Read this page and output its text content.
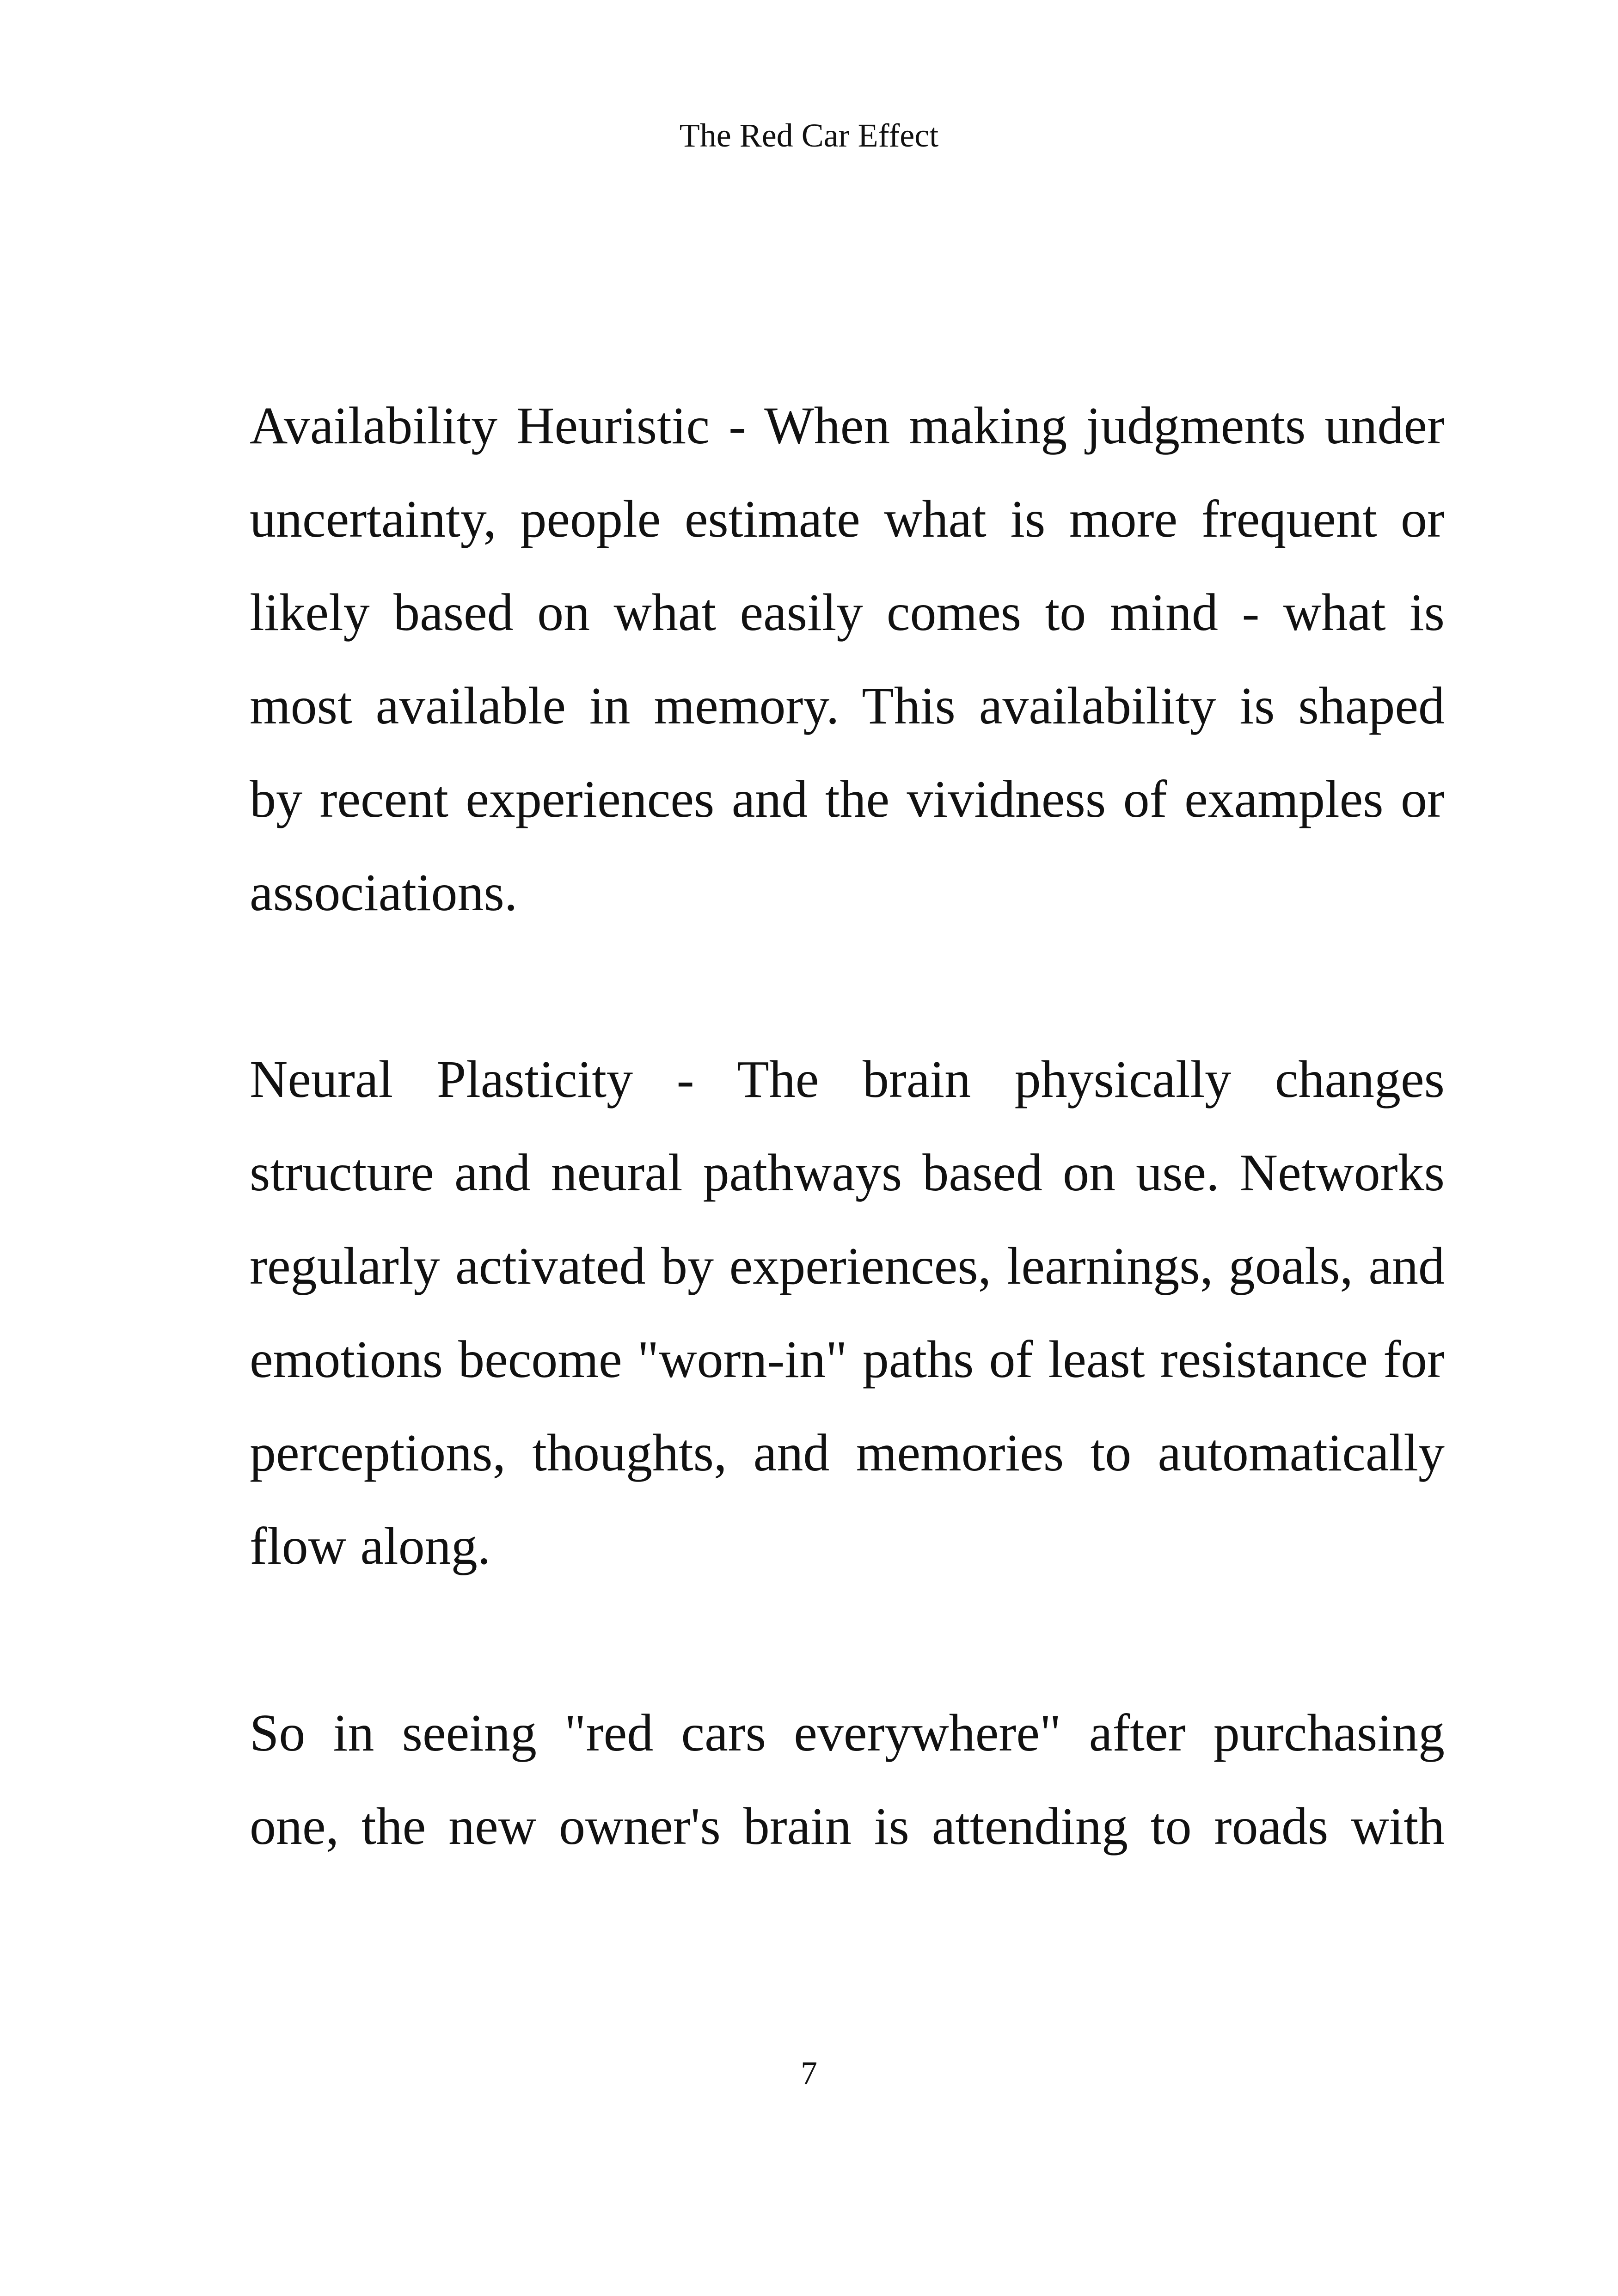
The Red Car Effect

Availability Heuristic - When making judgments under uncertainty, people estimate what is more frequent or likely based on what easily comes to mind - what is most available in memory. This availability is shaped by recent experiences and the vividness of examples or associations.

Neural Plasticity - The brain physically changes structure and neural pathways based on use. Networks regularly activated by experiences, learnings, goals, and emotions become "worn-in" paths of least resistance for perceptions, thoughts, and memories to automatically flow along.

So in seeing "red cars everywhere" after purchasing one, the new owner's brain is attending to roads with

7
